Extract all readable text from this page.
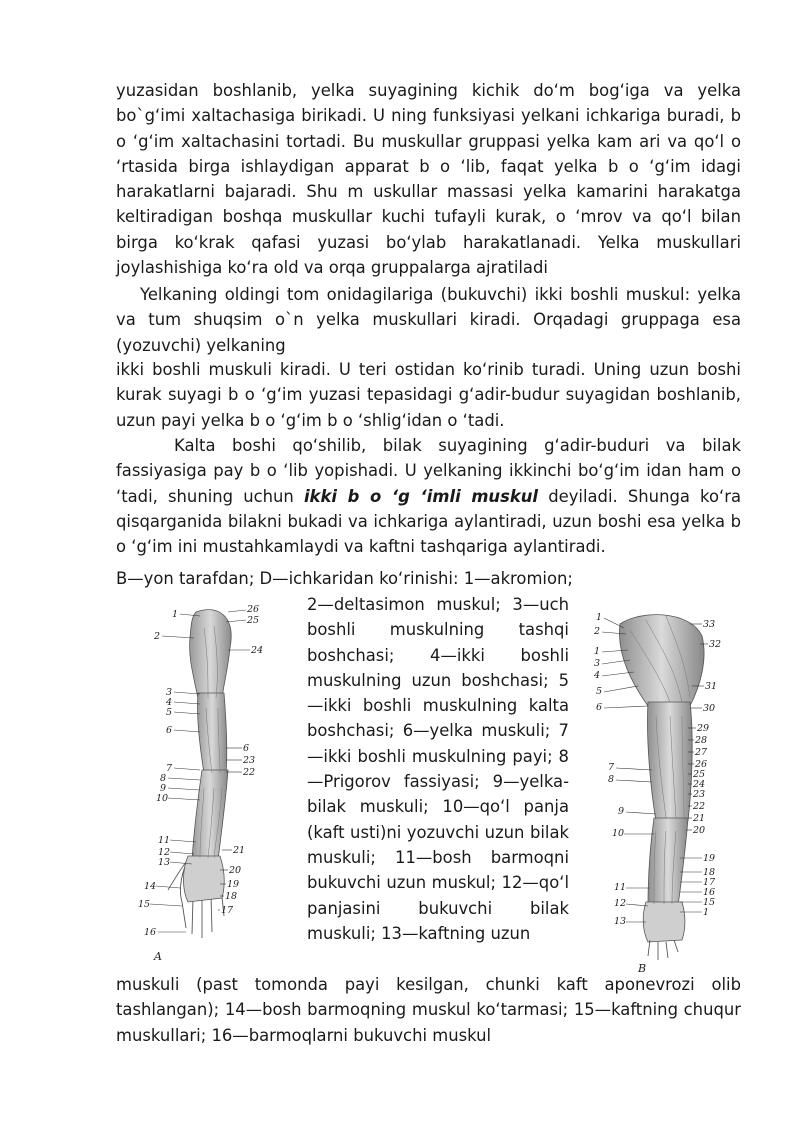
yuzasidan boshlanib, yelka suyagining kichik do‘m bog‘iga va yelka bo`g‘imi xaltachasiga birikadi. U ning funksiyasi yelkani ichkariga buradi, b o ‘g‘im xaltachasini tortadi. Bu muskullar gruppasi yelka kam ari va qo‘l o ‘rtasida birga ishlaydigan apparat b o ‘lib, faqat yelka b o ‘g‘im idagi harakatlarni bajaradi. Shu m uskullar massasi yelka kamarini harakatga keltiradigan boshqa muskullar kuchi tufayli kurak, o ‘mrov va qo‘l bilan birga ko‘krak qafasi yuzasi bo‘ylab harakatlanadi. Yelka muskullari joylashishiga ko‘ra old va orqa gruppalarga ajratiladi

Yelkaning oldingi tom onidagilariga (bukuvchi) ikki boshli muskul: yelka va tum shuqsim o`n yelka muskullari kiradi. Orqadagi gruppaga esa (yozuvchi) yelkaning

ikki boshli muskuli kiradi. U teri ostidan ko‘rinib turadi. Uning uzun boshi kurak suyagi b o ‘g‘im yuzasi tepasidagi g‘adir-budur suyagidan boshlanib, uzun payi yelka b o ‘g‘im b o ‘shlig‘idan o ‘tadi.

Kalta boshi qo‘shilib, bilak suyagining g‘adir-buduri va bilak fassiyasiga pay b o ‘lib yopishadi. U yelkaning ikkinchi bo‘g‘im idan ham o ‘tadi, shuning uchun ikki b o ‘g ‘imli muskul deyiladi. Shunga ko‘ra qisqarganida bilakni bukadi va ichkariga aylantiradi, uzun boshi esa yelka b o ‘g‘im ini mustahkamlaydi va kaftni tashqariga aylantiradi.

B—yon tarafdan; D—ichkaridan ko‘rinishi: 1—akromion;

2—deltasimon muskul; 3—uch boshli muskulning tashqi boshchasi; 4—ikki boshli muskulning uzun boshchasi; 5—ikki boshli muskulning kalta boshchasi; 6—yelka muskuli; 7—ikki boshli muskulning payi; 8—Prigorov fassiyasi; 9—yelka-bilak muskuli; 10—qo‘l panja (kaft usti)ni yozuvchi uzun bilak muskuli; 11—bosh barmoqni bukuvchi uzun muskul; 12—qo‘l panjasini bukuvchi bilak muskuli; 13—kaftning uzun

muskuli (past tomonda payi kesilgan, chunki kaft aponevrozi olib tashlangan); 14—bosh barmoqning muskul ko‘tarmasi; 15—kaftning chuqur muskullari; 16—barmoqlarni bukuvchi muskul

1
2
3
4
5
6
7
8
9
10
11
12
13
14
15
16
26
25
24
6
23
22
21
20
19
18
17
A
1
2
1
3
4
5
6
7
8
9
10
11
12
13
33
32
31
30
29
28
27
26
25
24
23
22
21
20
19
18
17
16
15
1
B
